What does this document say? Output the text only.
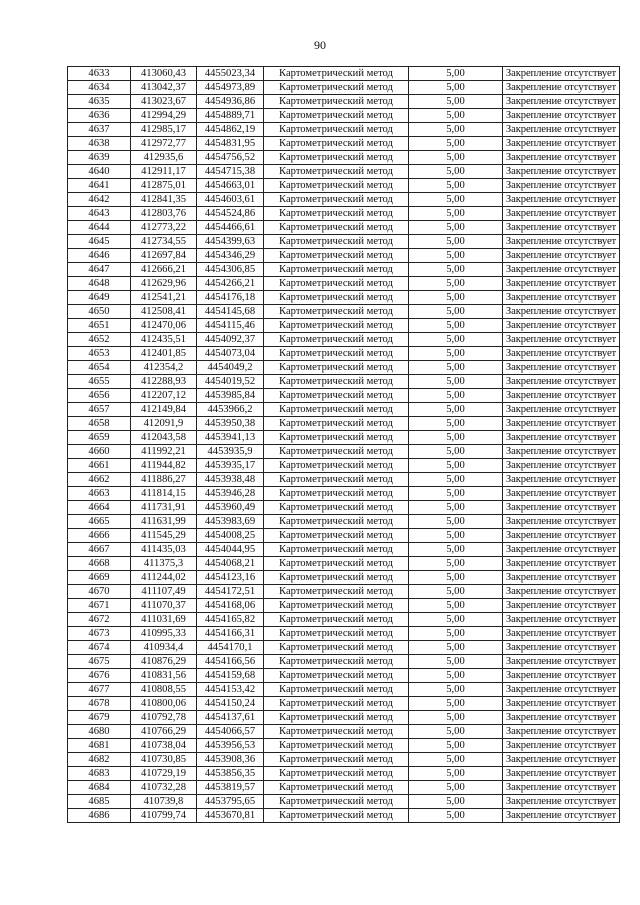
90
4633	413060,43	4455023,34	Картометрический метод	5,00	Закрепление отсутствует
4634	413042,37	4454973,89	Картометрический метод	5,00	Закрепление отсутствует
4635	413023,67	4454936,86	Картометрический метод	5,00	Закрепление отсутствует
4636	412994,29	4454889,71	Картометрический метод	5,00	Закрепление отсутствует
4637	412985,17	4454862,19	Картометрический метод	5,00	Закрепление отсутствует
4638	412972,77	4454831,95	Картометрический метод	5,00	Закрепление отсутствует
4639	412935,6	4454756,52	Картометрический метод	5,00	Закрепление отсутствует
4640	412911,17	4454715,38	Картометрический метод	5,00	Закрепление отсутствует
4641	412875,01	4454663,01	Картометрический метод	5,00	Закрепление отсутствует
4642	412841,35	4454603,61	Картометрический метод	5,00	Закрепление отсутствует
4643	412803,76	4454524,86	Картометрический метод	5,00	Закрепление отсутствует
4644	412773,22	4454466,61	Картометрический метод	5,00	Закрепление отсутствует
4645	412734,55	4454399,63	Картометрический метод	5,00	Закрепление отсутствует
4646	412697,84	4454346,29	Картометрический метод	5,00	Закрепление отсутствует
4647	412666,21	4454306,85	Картометрический метод	5,00	Закрепление отсутствует
4648	412629,96	4454266,21	Картометрический метод	5,00	Закрепление отсутствует
4649	412541,21	4454176,18	Картометрический метод	5,00	Закрепление отсутствует
4650	412508,41	4454145,68	Картометрический метод	5,00	Закрепление отсутствует
4651	412470,06	4454115,46	Картометрический метод	5,00	Закрепление отсутствует
4652	412435,51	4454092,37	Картометрический метод	5,00	Закрепление отсутствует
4653	412401,85	4454073,04	Картометрический метод	5,00	Закрепление отсутствует
4654	412354,2	4454049,2	Картометрический метод	5,00	Закрепление отсутствует
4655	412288,93	4454019,52	Картометрический метод	5,00	Закрепление отсутствует
4656	412207,12	4453985,84	Картометрический метод	5,00	Закрепление отсутствует
4657	412149,84	4453966,2	Картометрический метод	5,00	Закрепление отсутствует
4658	412091,9	4453950,38	Картометрический метод	5,00	Закрепление отсутствует
4659	412043,58	4453941,13	Картометрический метод	5,00	Закрепление отсутствует
4660	411992,21	4453935,9	Картометрический метод	5,00	Закрепление отсутствует
4661	411944,82	4453935,17	Картометрический метод	5,00	Закрепление отсутствует
4662	411886,27	4453938,48	Картометрический метод	5,00	Закрепление отсутствует
4663	411814,15	4453946,28	Картометрический метод	5,00	Закрепление отсутствует
4664	411731,91	4453960,49	Картометрический метод	5,00	Закрепление отсутствует
4665	411631,99	4453983,69	Картометрический метод	5,00	Закрепление отсутствует
4666	411545,29	4454008,25	Картометрический метод	5,00	Закрепление отсутствует
4667	411435,03	4454044,95	Картометрический метод	5,00	Закрепление отсутствует
4668	411375,3	4454068,21	Картометрический метод	5,00	Закрепление отсутствует
4669	411244,02	4454123,16	Картометрический метод	5,00	Закрепление отсутствует
4670	411107,49	4454172,51	Картометрический метод	5,00	Закрепление отсутствует
4671	411070,37	4454168,06	Картометрический метод	5,00	Закрепление отсутствует
4672	411031,69	4454165,82	Картометрический метод	5,00	Закрепление отсутствует
4673	410995,33	4454166,31	Картометрический метод	5,00	Закрепление отсутствует
4674	410934,4	4454170,1	Картометрический метод	5,00	Закрепление отсутствует
4675	410876,29	4454166,56	Картометрический метод	5,00	Закрепление отсутствует
4676	410831,56	4454159,68	Картометрический метод	5,00	Закрепление отсутствует
4677	410808,55	4454153,42	Картометрический метод	5,00	Закрепление отсутствует
4678	410800,06	4454150,24	Картометрический метод	5,00	Закрепление отсутствует
4679	410792,78	4454137,61	Картометрический метод	5,00	Закрепление отсутствует
4680	410766,29	4454066,57	Картометрический метод	5,00	Закрепление отсутствует
4681	410738,04	4453956,53	Картометрический метод	5,00	Закрепление отсутствует
4682	410730,85	4453908,36	Картометрический метод	5,00	Закрепление отсутствует
4683	410729,19	4453856,35	Картометрический метод	5,00	Закрепление отсутствует
4684	410732,28	4453819,57	Картометрический метод	5,00	Закрепление отсутствует
4685	410739,8	4453795,65	Картометрический метод	5,00	Закрепление отсутствует
4686	410799,74	4453670,81	Картометрический метод	5,00	Закрепление отсутствует
